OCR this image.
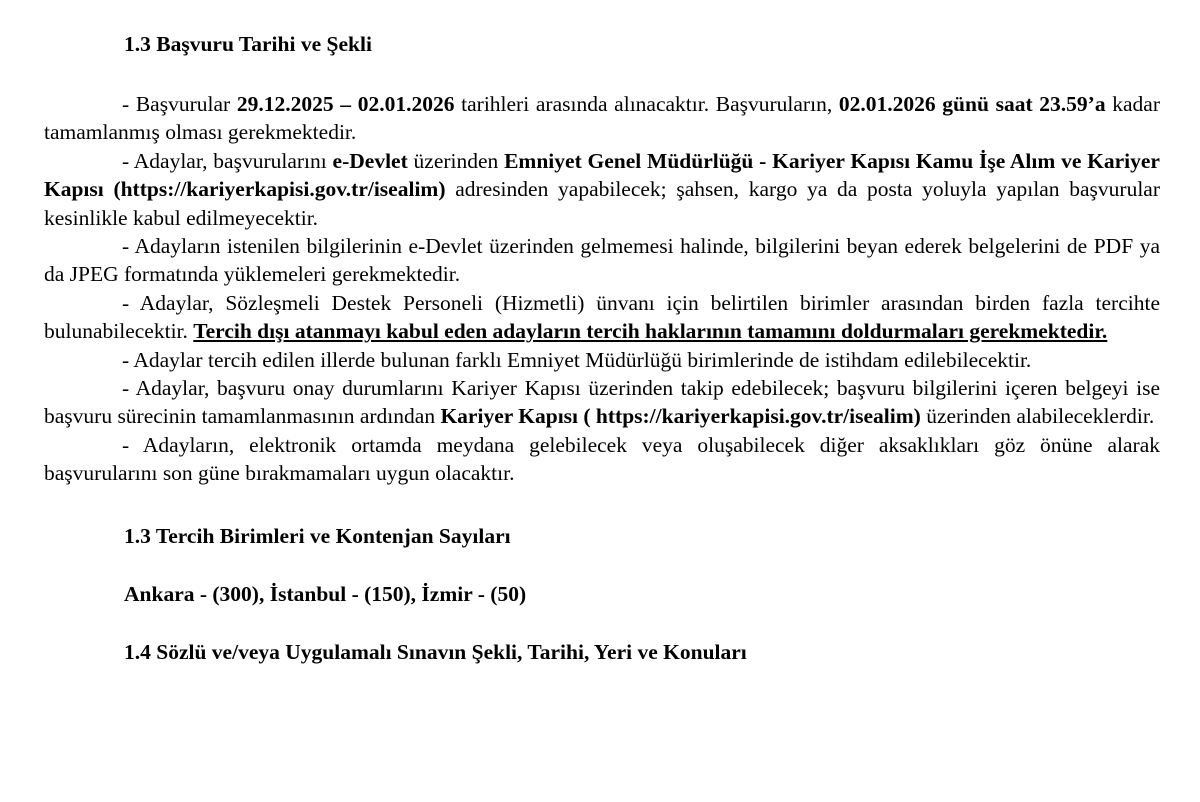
1.3 Başvuru Tarihi ve Şekli

- Başvurular 29.12.2025 – 02.01.2026 tarihleri arasında alınacaktır. Başvuruların, 02.01.2026 günü saat 23.59’a kadar tamamlanmış olması gerekmektedir.

- Adaylar, başvurularını e-Devlet üzerinden Emniyet Genel Müdürlüğü - Kariyer Kapısı Kamu İşe Alım ve Kariyer Kapısı (https://kariyerkapisi.gov.tr/isealim) adresinden yapabilecek; şahsen, kargo ya da posta yoluyla yapılan başvurular kesinlikle kabul edilmeyecektir.

- Adayların istenilen bilgilerinin e-Devlet üzerinden gelmemesi halinde, bilgilerini beyan ederek belgelerini de PDF ya da JPEG formatında yüklemeleri gerekmektedir.

- Adaylar, Sözleşmeli Destek Personeli (Hizmetli) ünvanı için belirtilen birimler arasından birden fazla tercihte bulunabilecektir. Tercih dışı atanmayı kabul eden adayların tercih haklarının tamamını doldurmaları gerekmektedir.

- Adaylar tercih edilen illerde bulunan farklı Emniyet Müdürlüğü birimlerinde de istihdam edilebilecektir.

- Adaylar, başvuru onay durumlarını Kariyer Kapısı üzerinden takip edebilecek; başvuru bilgilerini içeren belgeyi ise başvuru sürecinin tamamlanmasının ardından Kariyer Kapısı ( https://kariyerkapisi.gov.tr/isealim) üzerinden alabileceklerdir.

- Adayların, elektronik ortamda meydana gelebilecek veya oluşabilecek diğer aksaklıkları göz önüne alarak başvurularını son güne bırakmamaları uygun olacaktır.

1.3 Tercih Birimleri ve Kontenjan Sayıları
Ankara - (300), İstanbul - (150), İzmir - (50)
1.4 Sözlü ve/veya Uygulamalı Sınavın Şekli, Tarihi, Yeri ve Konuları
